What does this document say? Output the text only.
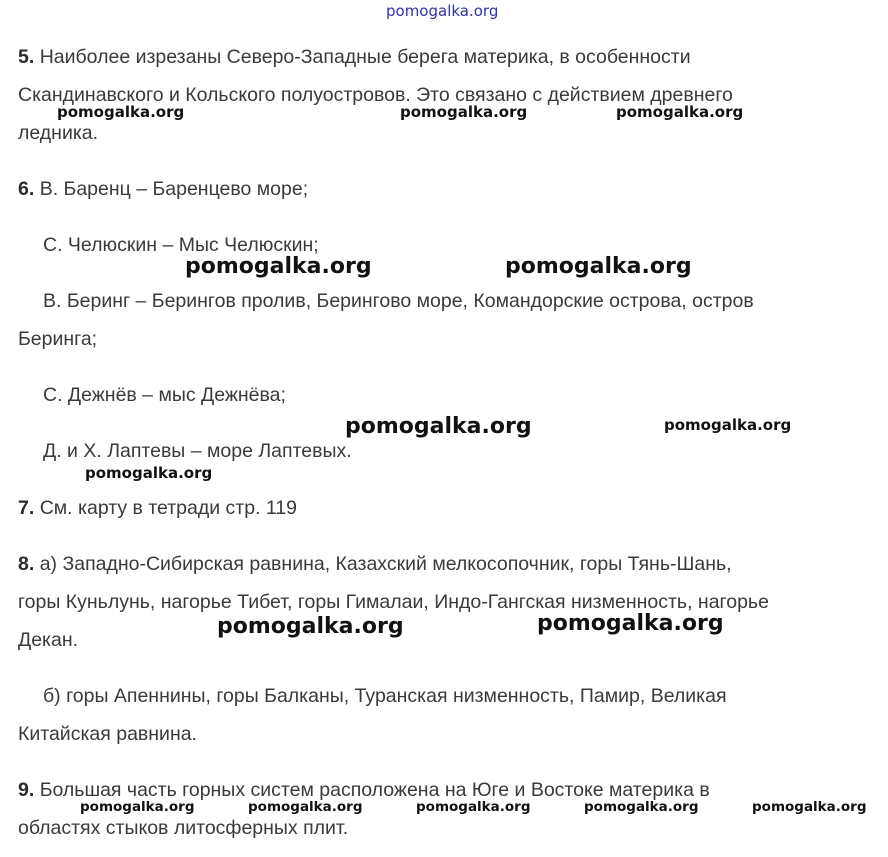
pomogalka.org
5. Наиболее изрезаны Северо-Западные берега материка, в особенности
Скандинавского и Кольского полуостровов. Это связано с действием древнего
ледника.
6. В. Баренц – Баренцево море;
С. Челюскин – Мыс Челюскин;
В. Беринг – Берингов пролив, Берингово море, Командорские острова, остров
Беринга;
С. Дежнёв – мыс Дежнёва;
Д. и Х. Лаптевы – море Лаптевых.
7. См. карту в тетради стр. 119
8. а) Западно-Сибирская равнина, Казахский мелкосопочник, горы Тянь-Шань,
горы Куньлунь, нагорье Тибет, горы Гималаи, Индо-Гангская низменность, нагорье
Декан.
б) горы Апеннины, горы Балканы, Туранская низменность, Памир, Великая
Китайская равнина.
9. Большая часть горных систем расположена на Юге и Востоке материка в
областях стыков литосферных плит.
pomogalka.org	pomogalka.org	pomogalka.org
pomogalka.org	pomogalka.org
pomogalka.org	pomogalka.org
pomogalka.org
pomogalka.org	pomogalka.org
pomogalka.org	pomogalka.org	pomogalka.org	pomogalka.org	pomogalka.org
